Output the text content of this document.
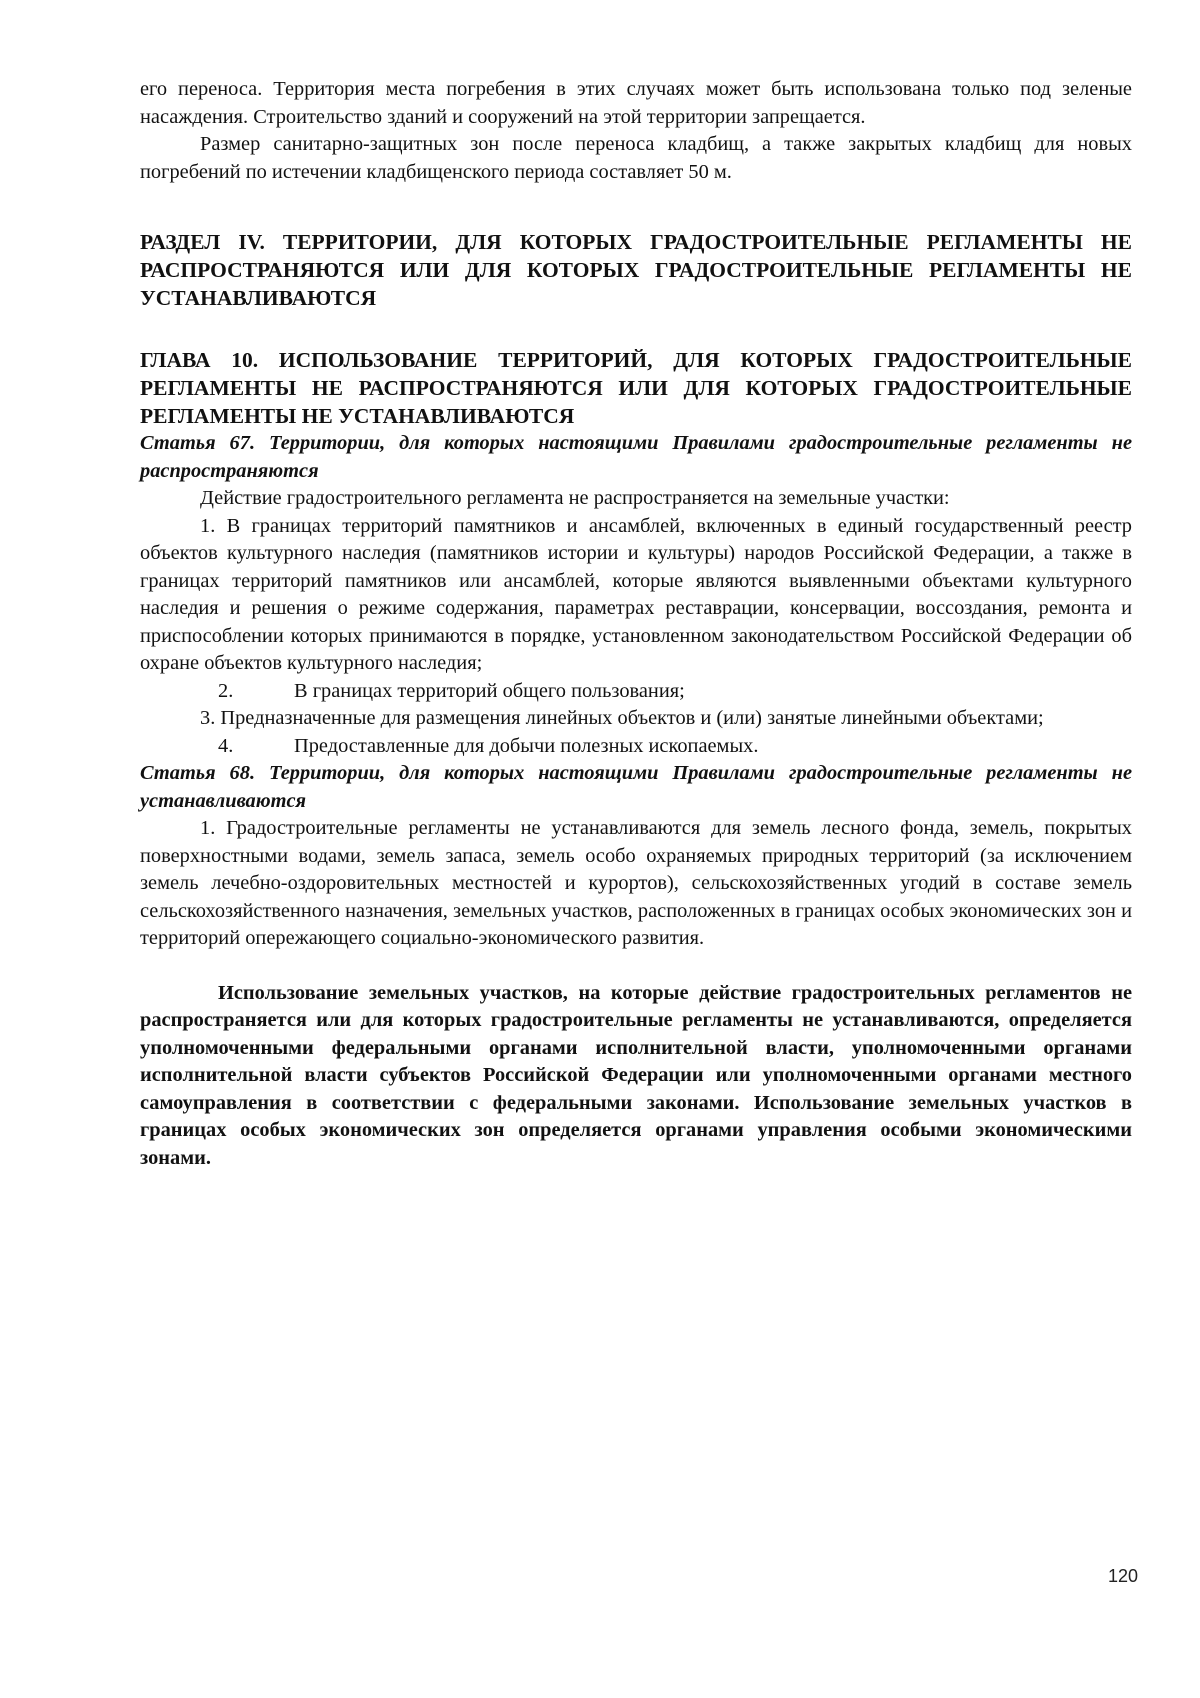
его переноса. Территория места погребения в этих случаях может быть использована только под зеленые насаждения. Строительство зданий и сооружений на этой территории запрещается.

Размер санитарно-защитных зон после переноса кладбищ, а также закрытых кладбищ для новых погребений по истечении кладбищенского периода составляет 50 м.

РАЗДЕЛ IV. ТЕРРИТОРИИ, ДЛЯ КОТОРЫХ ГРАДОСТРОИТЕЛЬНЫЕ РЕГЛАМЕНТЫ НЕ РАСПРОСТРАНЯЮТСЯ ИЛИ ДЛЯ КОТОРЫХ ГРАДОСТРОИТЕЛЬНЫЕ РЕГЛАМЕНТЫ НЕ УСТАНАВЛИВАЮТСЯ

ГЛАВА 10. ИСПОЛЬЗОВАНИЕ ТЕРРИТОРИЙ, ДЛЯ КОТОРЫХ ГРАДОСТРОИТЕЛЬНЫЕ РЕГЛАМЕНТЫ НЕ РАСПРОСТРАНЯЮТСЯ ИЛИ ДЛЯ КОТОРЫХ ГРАДОСТРОИТЕЛЬНЫЕ РЕГЛАМЕНТЫ НЕ УСТАНАВЛИВАЮТСЯ

Статья 67. Территории, для которых настоящими Правилами градостроительные регламенты не распространяются

Действие градостроительного регламента не распространяется на земельные участки:

1. В границах территорий памятников и ансамблей, включенных в единый государственный реестр объектов культурного наследия (памятников истории и культуры) народов Российской Федерации, а также в границах территорий памятников или ансамблей, которые являются выявленными объектами культурного наследия и решения о режиме содержания, параметрах реставрации, консервации, воссоздания, ремонта и приспособлении которых принимаются в порядке, установленном законодательством Российской Федерации об охране объектов культурного наследия;

2.	В границах территорий общего пользования;

3. Предназначенные для размещения линейных объектов и (или) занятые линейными объектами;

4.	Предоставленные для добычи полезных ископаемых.

Статья 68. Территории, для которых настоящими Правилами градостроительные регламенты не устанавливаются

1. Градостроительные регламенты не устанавливаются для земель лесного фонда, земель, покрытых поверхностными водами, земель запаса, земель особо охраняемых природных территорий (за исключением земель лечебно-оздоровительных местностей и курортов), сельскохозяйственных угодий в составе земель сельскохозяйственного назначения, земельных участков, расположенных в границах особых экономических зон и территорий опережающего социально-экономического развития.

Использование земельных участков, на которые действие градостроительных регламентов не распространяется или для которых градостроительные регламенты не устанавливаются, определяется уполномоченными федеральными органами исполнительной власти, уполномоченными органами исполнительной власти субъектов Российской Федерации или уполномоченными органами местного самоуправления в соответствии с федеральными законами. Использование земельных участков в границах особых экономических зон определяется органами управления особыми экономическими зонами.

120
